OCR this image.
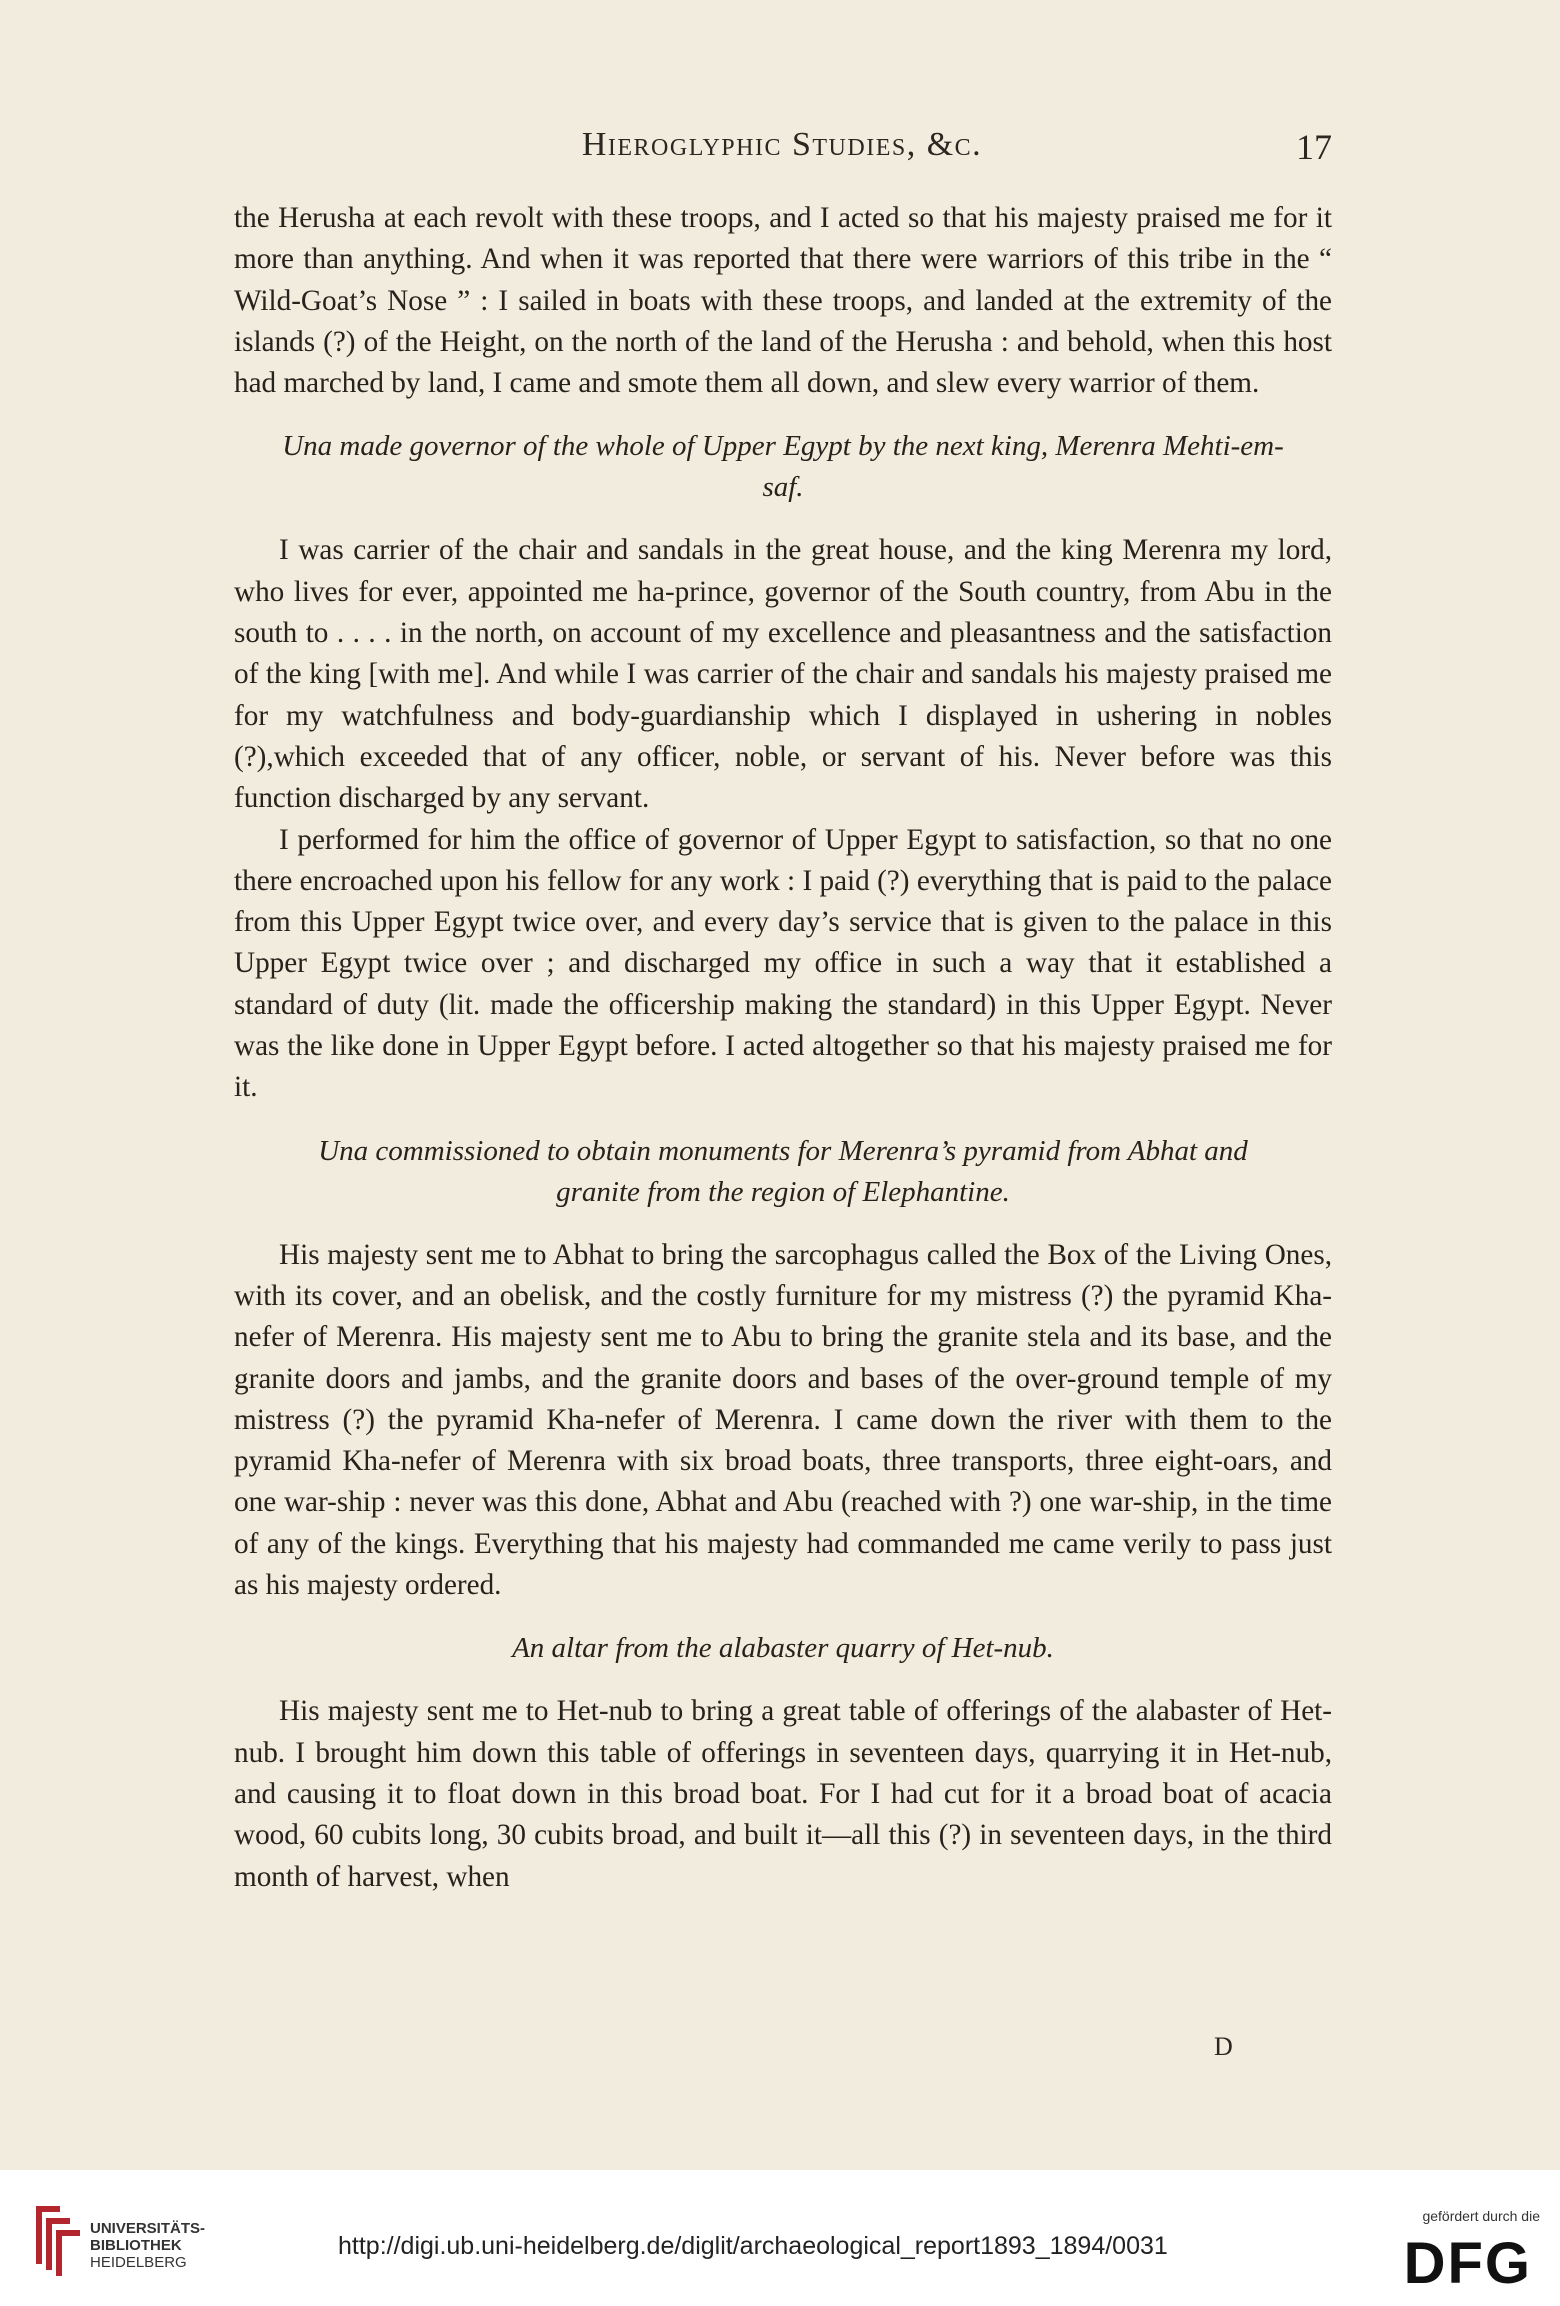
Hieroglyphic Studies, &c.	17

the Herusha at each revolt with these troops, and I acted so that his majesty praised me for it more than anything. And when it was reported that there were warriors of this tribe in the “ Wild-Goat’s Nose ” : I sailed in boats with these troops, and landed at the extremity of the islands (?) of the Height, on the north of the land of the Herusha : and behold, when this host had marched by land, I came and smote them all down, and slew every warrior of them.

Una made governor of the whole of Upper Egypt by the next king, Merenra Mehti-em-saf.

I was carrier of the chair and sandals in the great house, and the king Merenra my lord, who lives for ever, appointed me ha-prince, governor of the South country, from Abu in the south to . . . . in the north, on account of my excellence and pleasantness and the satisfaction of the king [with me]. And while I was carrier of the chair and sandals his majesty praised me for my watchfulness and body-guardianship which I displayed in ushering in nobles (?),which exceeded that of any officer, noble, or servant of his. Never before was this function discharged by any servant.

I performed for him the office of governor of Upper Egypt to satisfaction, so that no one there encroached upon his fellow for any work : I paid (?) everything that is paid to the palace from this Upper Egypt twice over, and every day’s service that is given to the palace in this Upper Egypt twice over ; and discharged my office in such a way that it established a standard of duty (lit. made the officership making the standard) in this Upper Egypt. Never was the like done in Upper Egypt before. I acted altogether so that his majesty praised me for it.

Una commissioned to obtain monuments for Merenra’s pyramid from Abhat and granite from the region of Elephantine.

His majesty sent me to Abhat to bring the sarcophagus called the Box of the Living Ones, with its cover, and an obelisk, and the costly furniture for my mistress (?) the pyramid Kha-nefer of Merenra. His majesty sent me to Abu to bring the granite stela and its base, and the granite doors and jambs, and the granite doors and bases of the over-ground temple of my mistress (?) the pyramid Kha-nefer of Merenra. I came down the river with them to the pyramid Kha-nefer of Merenra with six broad boats, three transports, three eight-oars, and one war-ship : never was this done, Abhat and Abu (reached with ?) one war-ship, in the time of any of the kings. Everything that his majesty had commanded me came verily to pass just as his majesty ordered.

An altar from the alabaster quarry of Het-nub.

His majesty sent me to Het-nub to bring a great table of offerings of the alabaster of Het-nub. I brought him down this table of offerings in seventeen days, quarrying it in Het-nub, and causing it to float down in this broad boat. For I had cut for it a broad boat of acacia wood, 60 cubits long, 30 cubits broad, and built it—all this (?) in seventeen days, in the third month of harvest, when

D
UNIVERSITÄTS-
BIBLIOTHEK
HEIDELBERG
http://digi.ub.uni-heidelberg.de/diglit/archaeological_report1893_1894/0031
gefördert durch die
DFG
